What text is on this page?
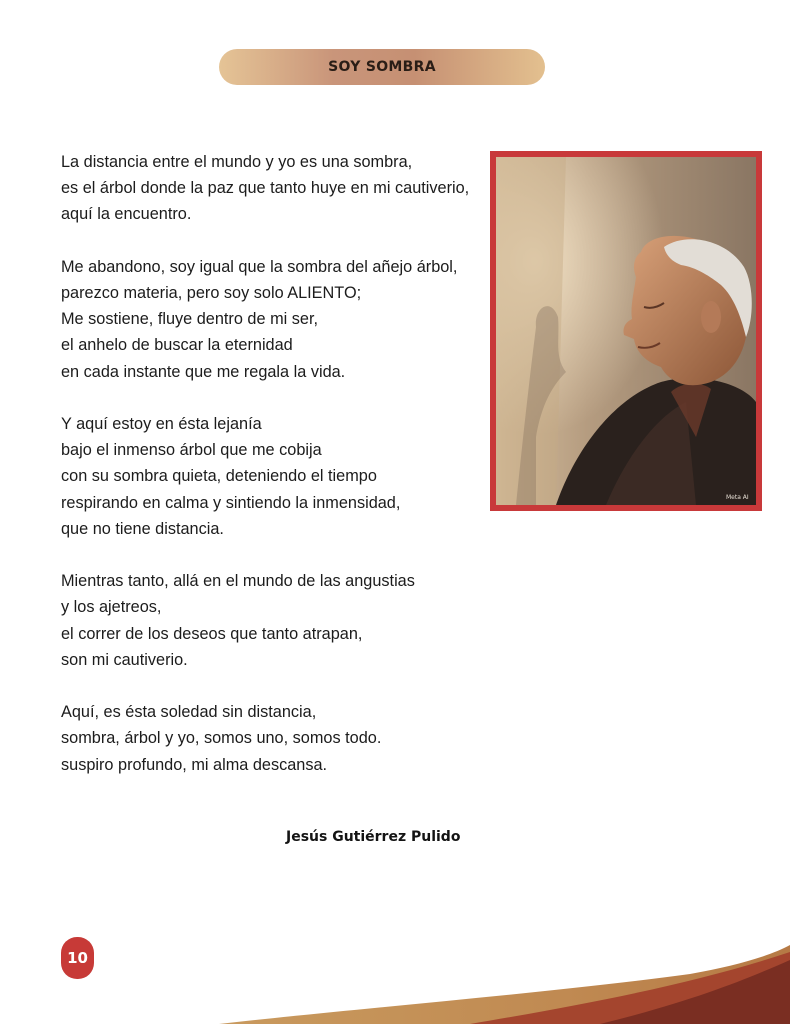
SOY SOMBRA
La distancia entre el mundo y yo es una sombra,
es el árbol donde la paz que tanto huye en mi cautiverio,
aquí la encuentro.
Me abandono, soy igual que la sombra del añejo árbol,
parezco materia, pero soy solo ALIENTO;
Me sostiene, fluye dentro de mi ser,
el anhelo de buscar la eternidad
en cada instante que me regala la vida.
Y aquí estoy en ésta lejanía
bajo el inmenso árbol que me cobija
con su sombra quieta, deteniendo el tiempo
respirando en calma y sintiendo la inmensidad,
que no tiene distancia.
Mientras tanto, allá en el mundo de las angustias
y los ajetreos,
el correr de los deseos que tanto atrapan,
son mi cautiverio.
Aquí, es ésta soledad sin distancia,
sombra, árbol y yo, somos uno, somos todo.
suspiro profundo, mi alma descansa.
Meta AI
Jesús Gutiérrez Pulido
10
